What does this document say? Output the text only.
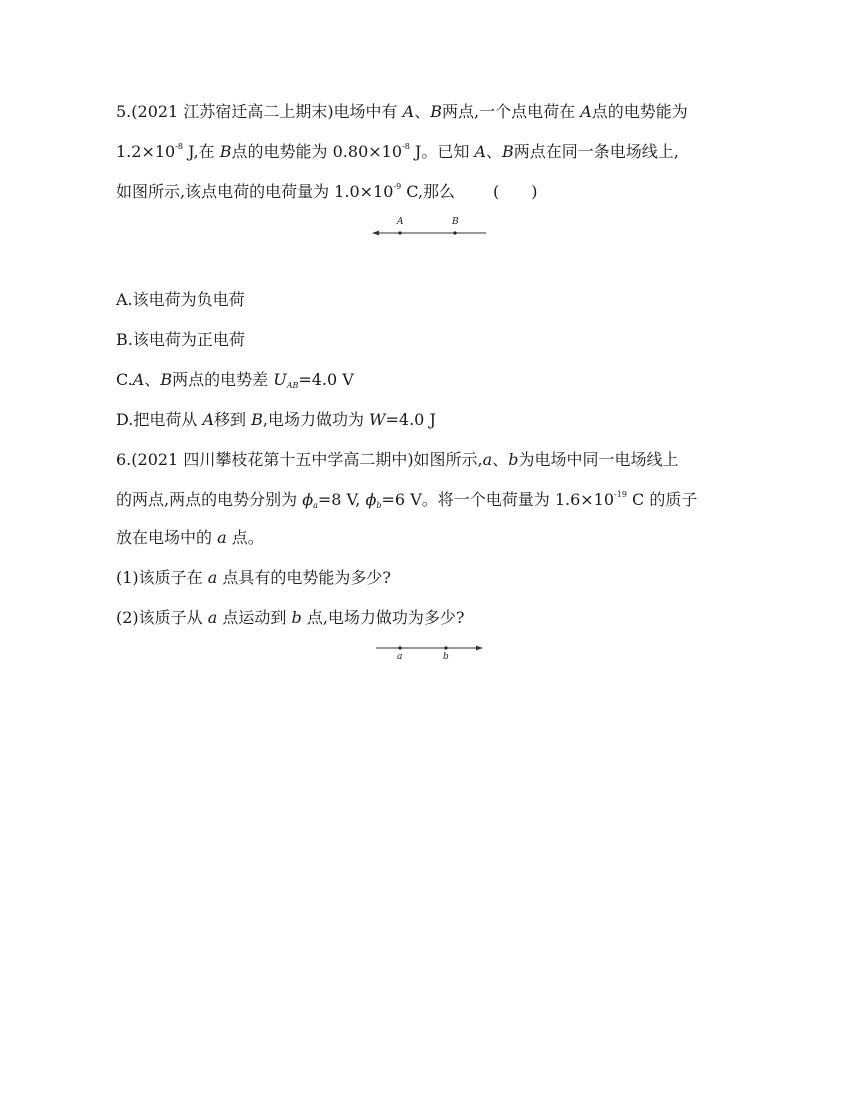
5.(2021 江苏宿迁高二上期末)电场中有 A、B两点,一个点电荷在 A点的电势能为
$1.2\times 10^{-8}$ J,在 B点的电势能为 $0.80\times 10^{-8}$ J。已知 A、B两点在同一条电场线上,
如图所示,该点电荷的电荷量为 $1.0\times 10^{-9}$ C,那么 (　　)
A	B
A.该电荷为负电荷
B.该电荷为正电荷
C.A、B两点的电势差 $U_{AB}=4.0$ V
D.把电荷从 A移到 B,电场力做功为 W=4.0 J
6.(2021 四川攀枝花第十五中学高二期中)如图所示,a、b为电场中同一电场线上
的两点,两点的电势分别为 $\phi_a=8$ V, $\phi_b=6$ V。将一个电荷量为 $1.6\times 10^{-19}$ C 的质子
放在电场中的 a 点。
(1)该质子在 a 点具有的电势能为多少?
(2)该质子从 a 点运动到 b 点,电场力做功为多少?
a	b
